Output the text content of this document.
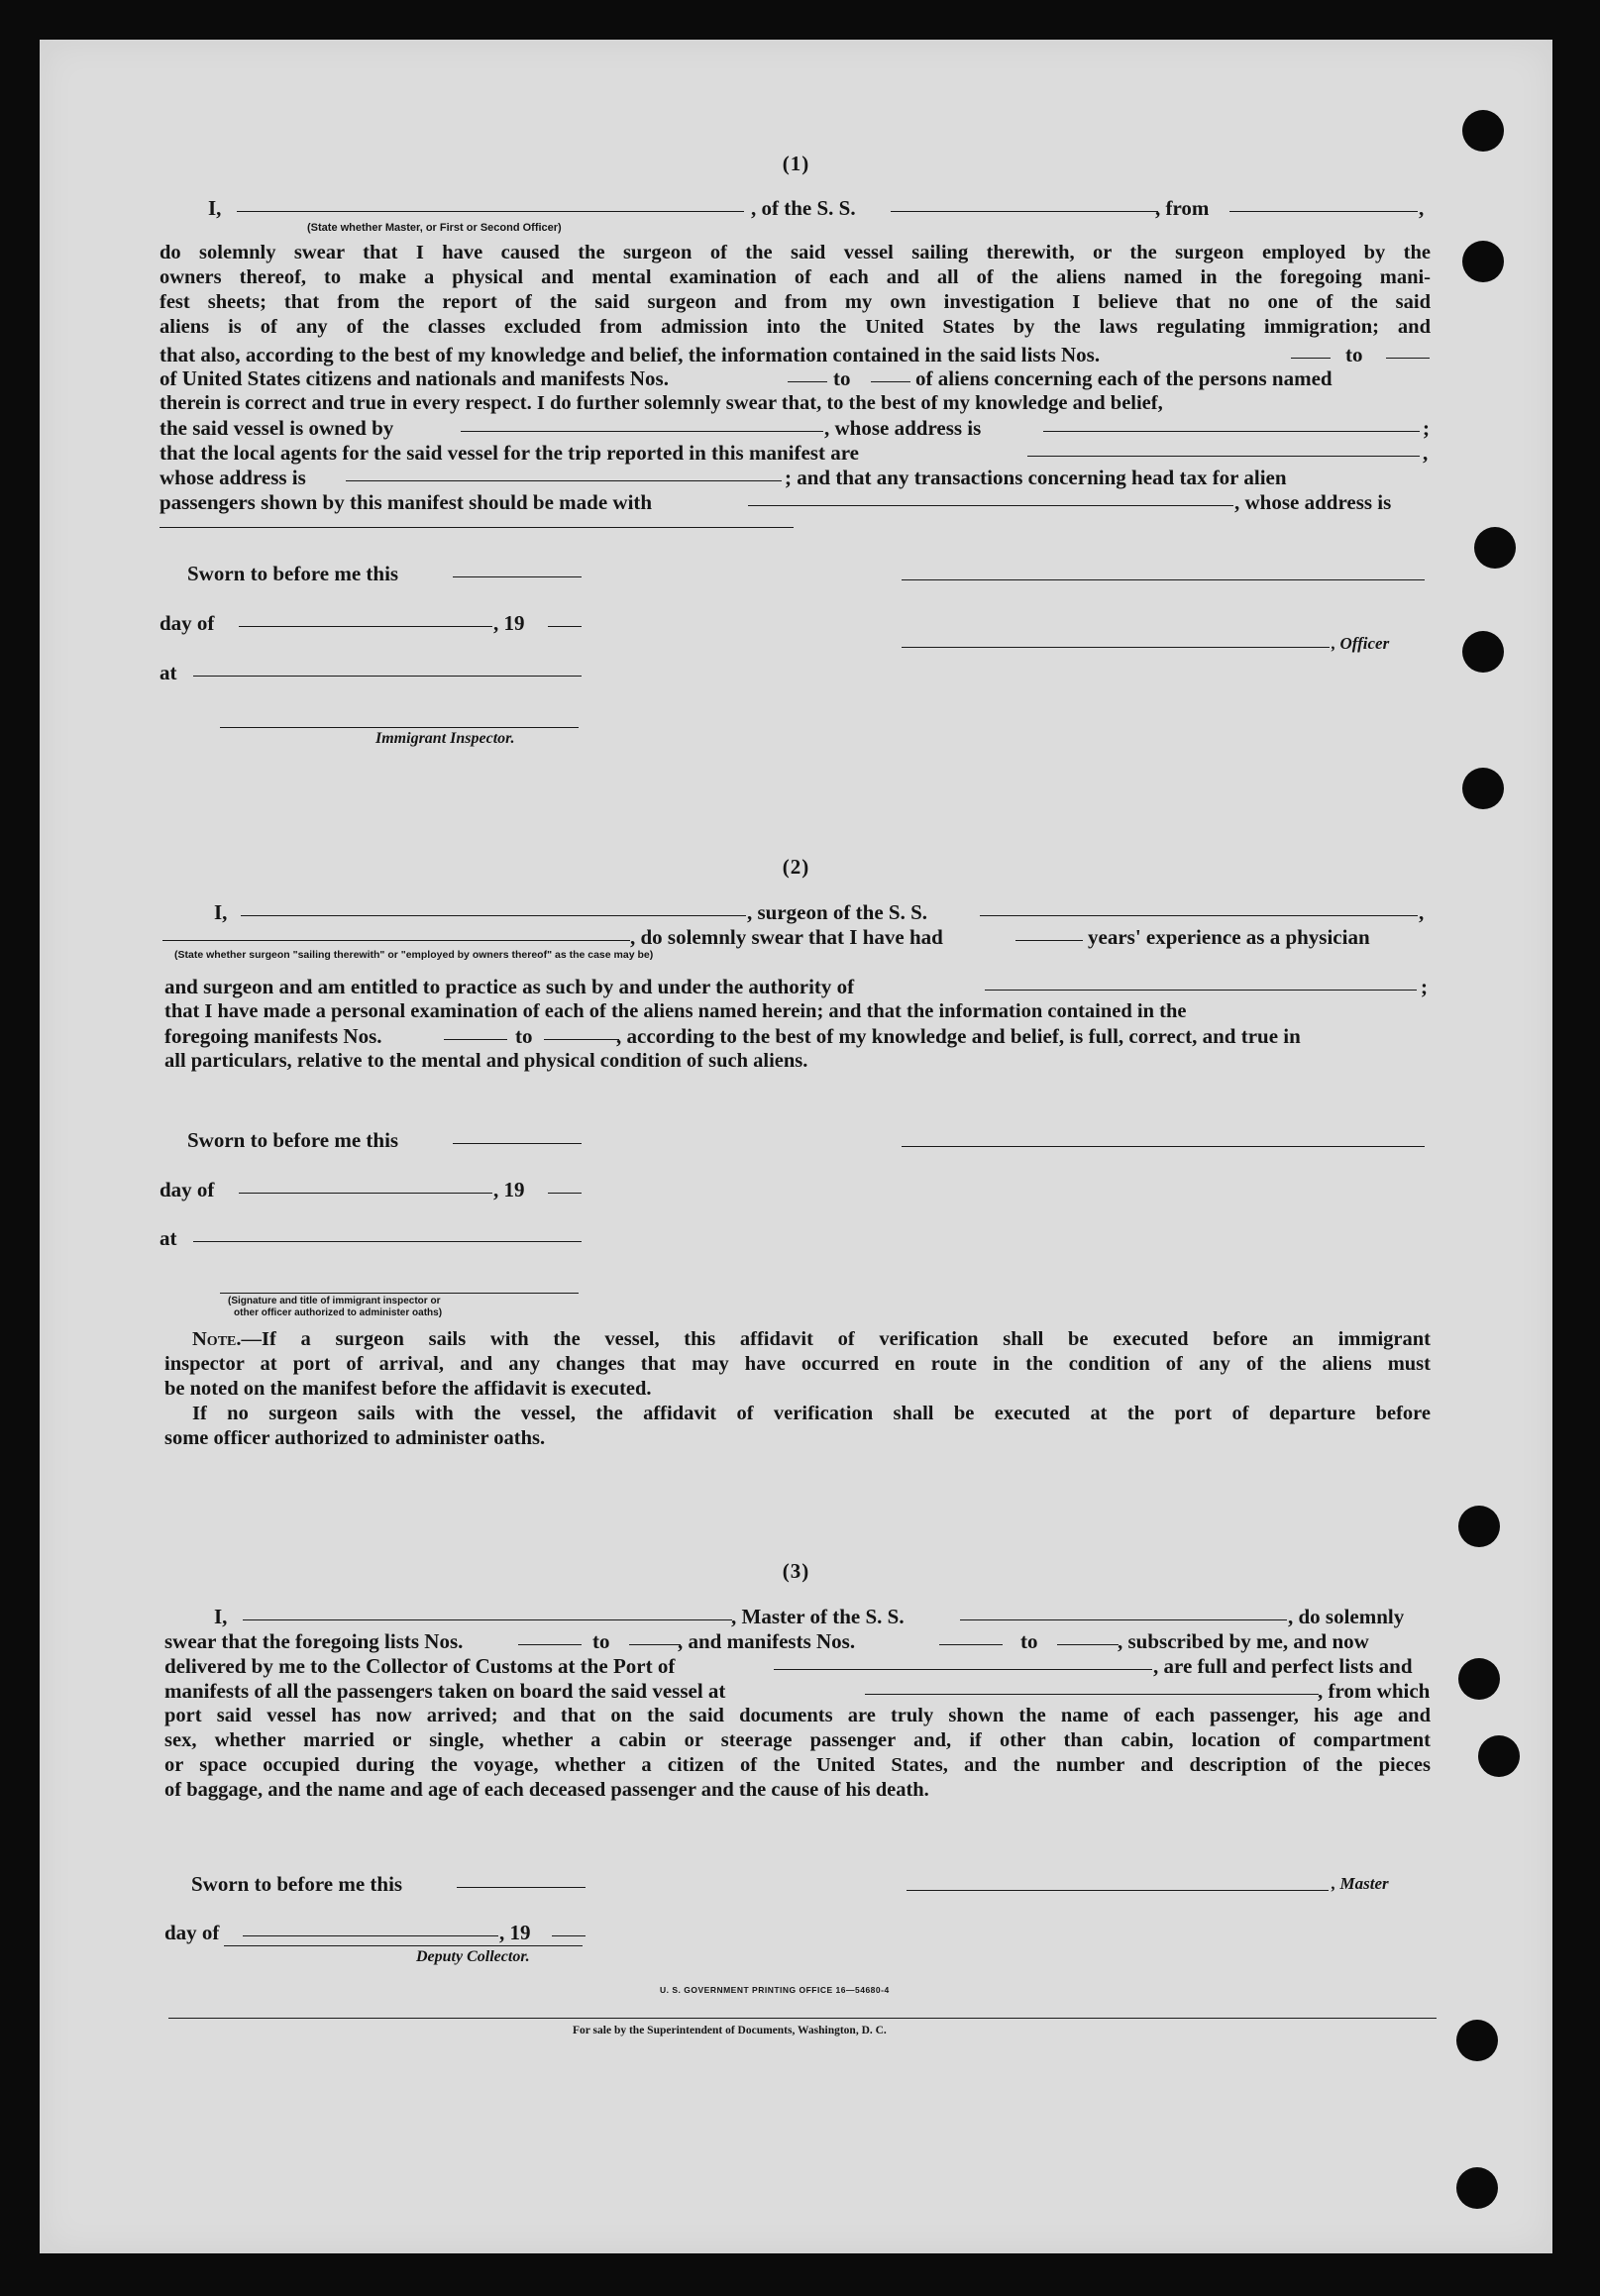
(1)
I,	, of the S. S.	, from	,
(State whether Master, or First or Second Officer)
do solemnly swear that I have caused the surgeon of the said vessel sailing therewith, or the surgeon employed by the
owners thereof, to make a physical and mental examination of each and all of the aliens named in the foregoing mani-
fest sheets; that from the report of the said surgeon and from my own investigation I believe that no one of the said
aliens is of any of the classes excluded from admission into the United States by the laws regulating immigration; and
that also, according to the best of my knowledge and belief, the information contained in the said lists Nos.	to
of United States citizens and nationals and manifests Nos.	to	of aliens concerning each of the persons named
therein is correct and true in every respect. I do further solemnly swear that, to the best of my knowledge and belief,
the said vessel is owned by	, whose address is	;
that the local agents for the said vessel for the trip reported in this manifest are	,
whose address is	; and that any transactions concerning head tax for alien
passengers shown by this manifest should be made with	, whose address is
Sworn to before me this
day of	, 19
, Officer
at
Immigrant Inspector.
(2)
I,	, surgeon of the S. S.	,
, do solemnly swear that I have had	years' experience as a physician
(State whether surgeon "sailing therewith" or "employed by owners thereof" as the case may be)
and surgeon and am entitled to practice as such by and under the authority of	;
that I have made a personal examination of each of the aliens named herein; and that the information contained in the
foregoing manifests Nos.	to	, according to the best of my knowledge and belief, is full, correct, and true in
all particulars, relative to the mental and physical condition of such aliens.
Sworn to before me this
day of	, 19
at
(Signature and title of immigrant inspector or
other officer authorized to administer oaths)
Note.—If a surgeon sails with the vessel, this affidavit of verification shall be executed before an immigrant
inspector at port of arrival, and any changes that may have occurred en route in the condition of any of the aliens must
be noted on the manifest before the affidavit is executed.
If no surgeon sails with the vessel, the affidavit of verification shall be executed at the port of departure before
some officer authorized to administer oaths.
(3)
I,	, Master of the S. S.	, do solemnly
swear that the foregoing lists Nos.	to	, and manifests Nos.	to	, subscribed by me, and now
delivered by me to the Collector of Customs at the Port of	, are full and perfect lists and
manifests of all the passengers taken on board the said vessel at	, from which
port said vessel has now arrived; and that on the said documents are truly shown the name of each passenger, his age and
sex, whether married or single, whether a cabin or steerage passenger and, if other than cabin, location of compartment
or space occupied during the voyage, whether a citizen of the United States, and the number and description of the pieces
of baggage, and the name and age of each deceased passenger and the cause of his death.
Sworn to before me this	, Master
day of	, 19
Deputy Collector.
U. S. GOVERNMENT PRINTING OFFICE 16—54680-4
For sale by the Superintendent of Documents, Washington, D. C.
